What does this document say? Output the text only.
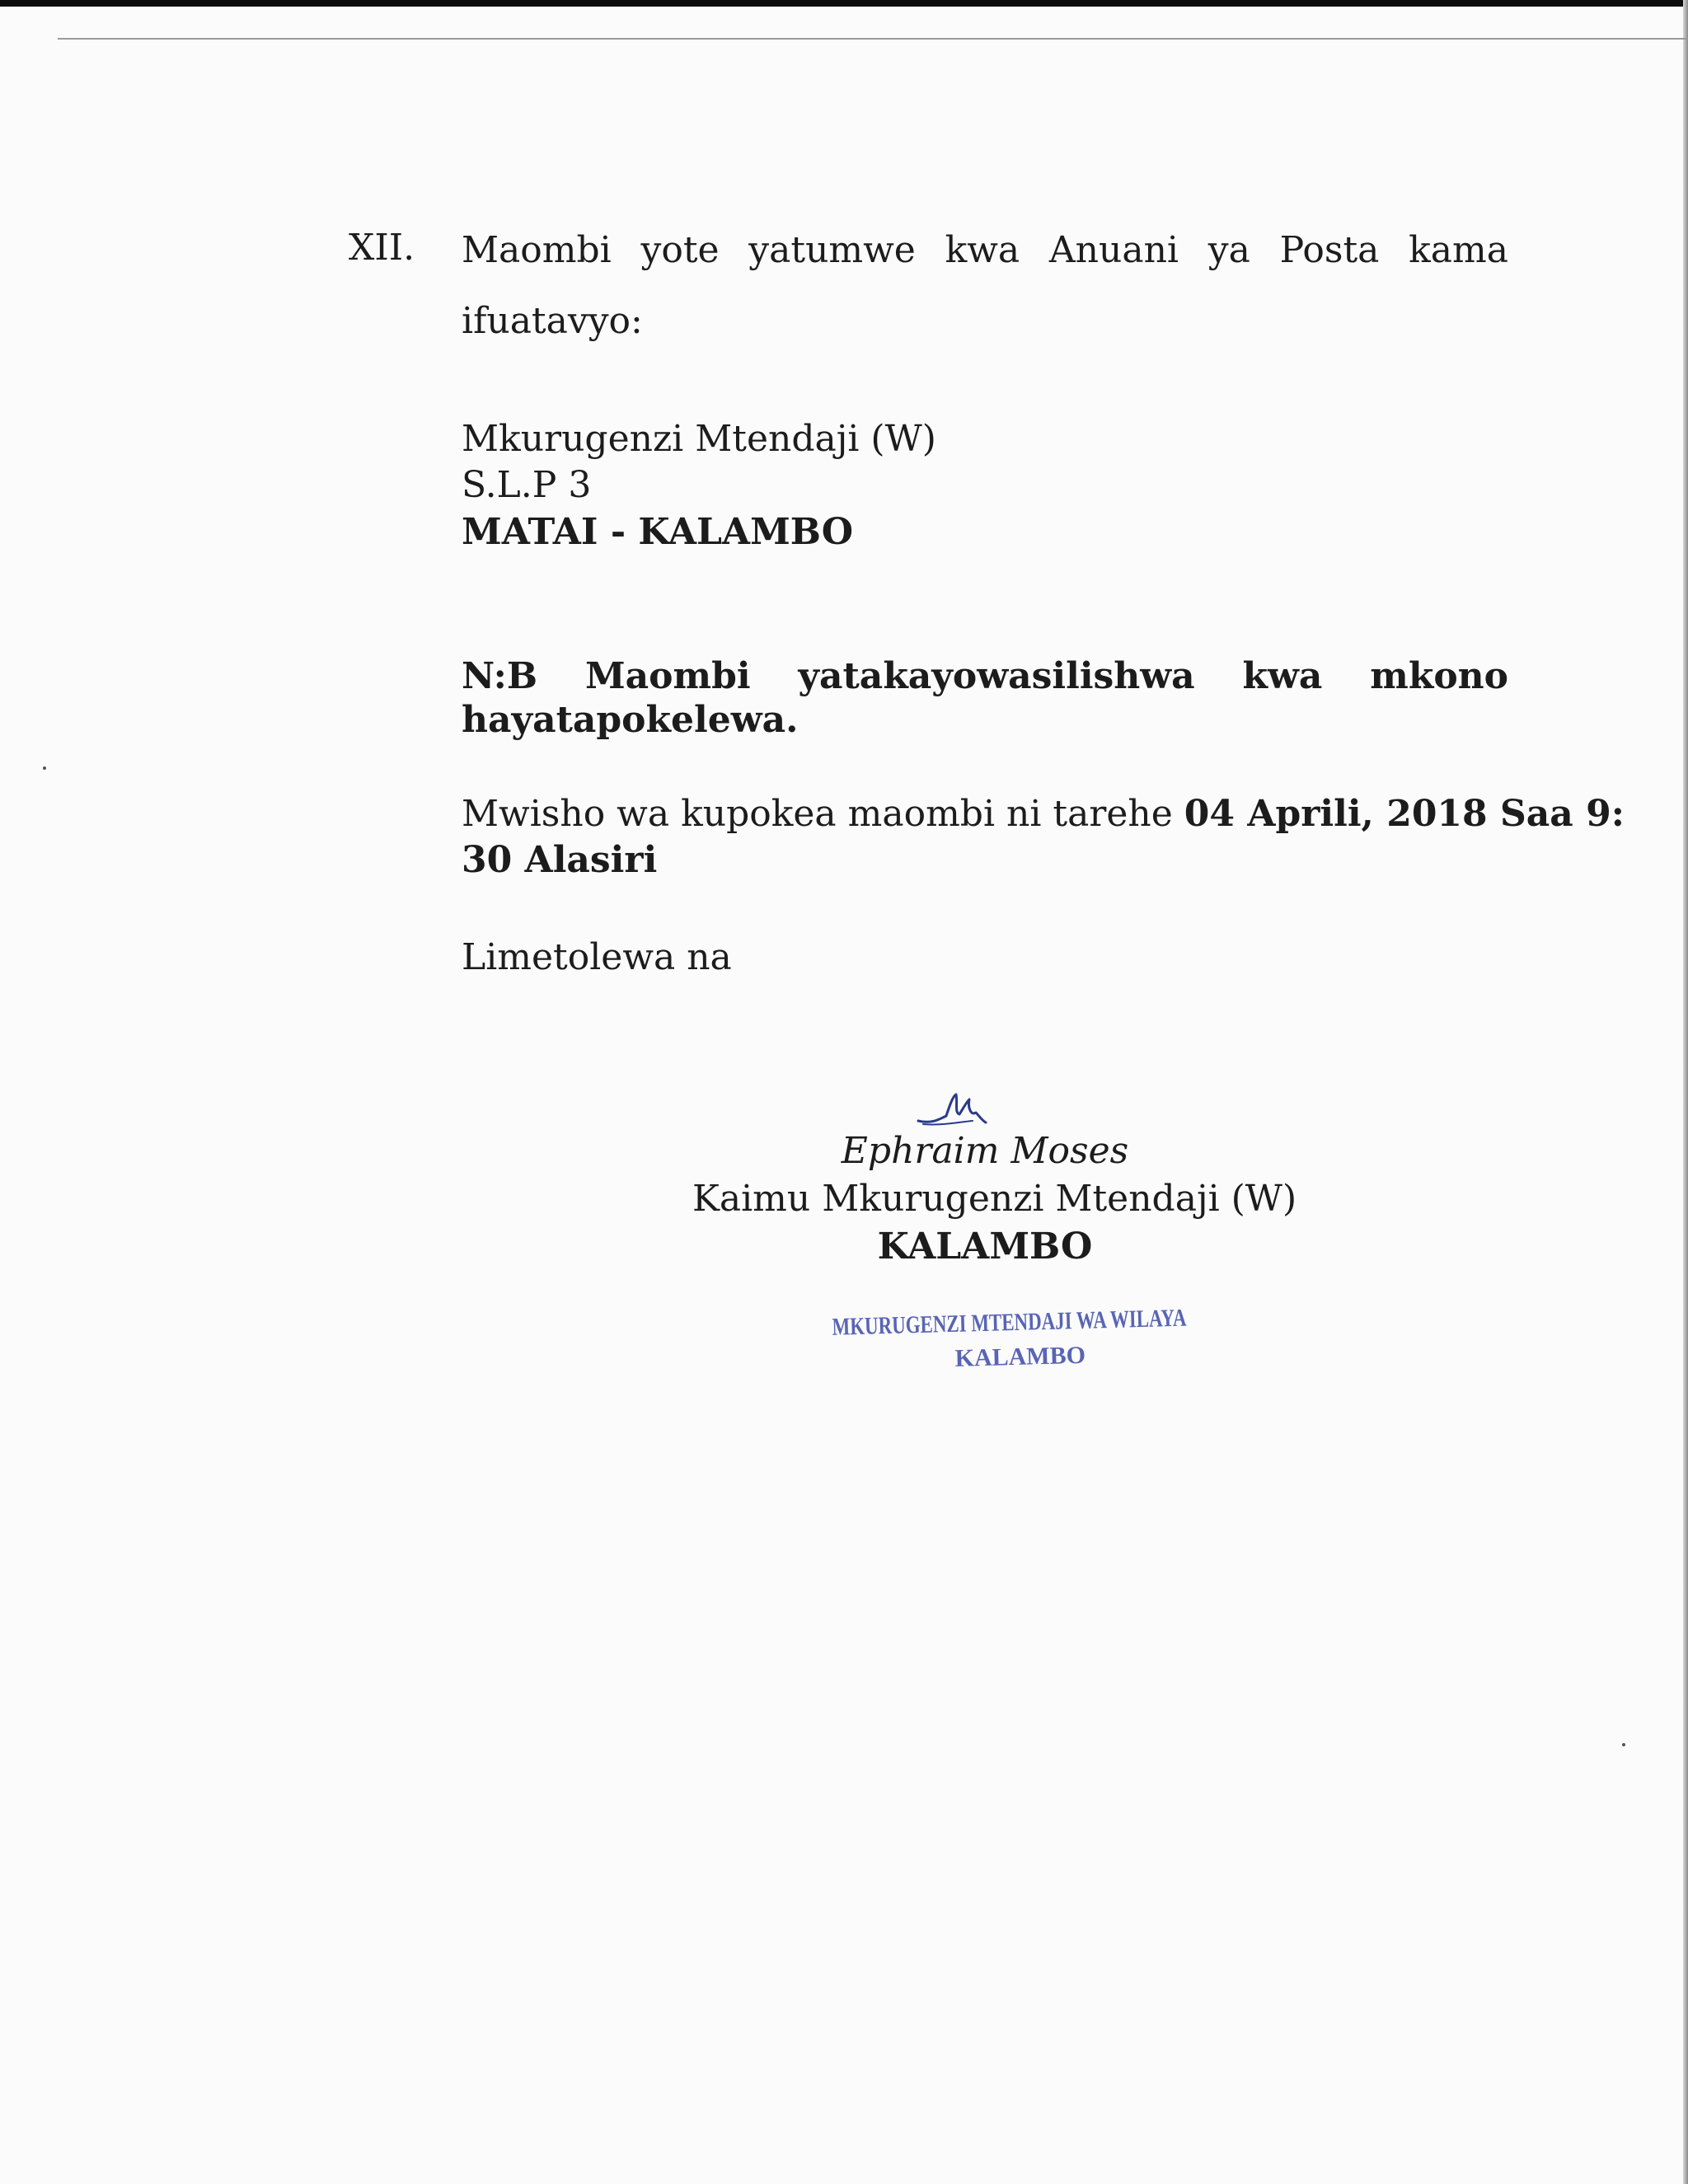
XII. Maombi yote yatumwe kwa Anuani ya Posta kama
ifuatavyo:
Mkurugenzi Mtendaji (W)
S.L.P 3
MATAI - KALAMBO
N:B Maombi yatakayowasilishwa kwa mkono
hayatapokelewa.
Mwisho wa kupokea maombi ni tarehe 04 Aprili, 2018 Saa 9:
30 Alasiri
Limetolewa na
Ephraim Moses
Kaimu Mkurugenzi Mtendaji (W)
KALAMBO
MKURUGENZI MTENDAJI WA WILAYA
KALAMBO
